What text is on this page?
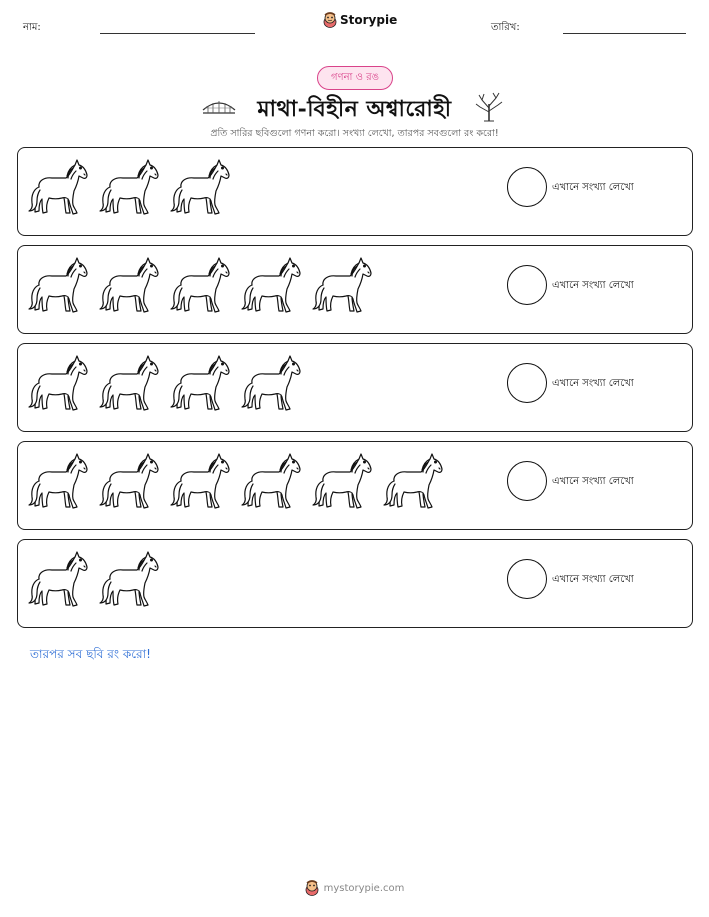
নাম:
Storypie
তারিখ:
গণনা ও রঙ
মাথা-বিহীন অশ্বারোহী
প্রতি সারির ছবিগুলো গণনা করো। সংখ্যা লেখো, তারপর সবগুলো রং করো!
এখানে সংখ্যা লেখো
এখানে সংখ্যা লেখো
এখানে সংখ্যা লেখো
এখানে সংখ্যা লেখো
এখানে সংখ্যা লেখো
তারপর সব ছবি রং করো!
mystorypie.com
